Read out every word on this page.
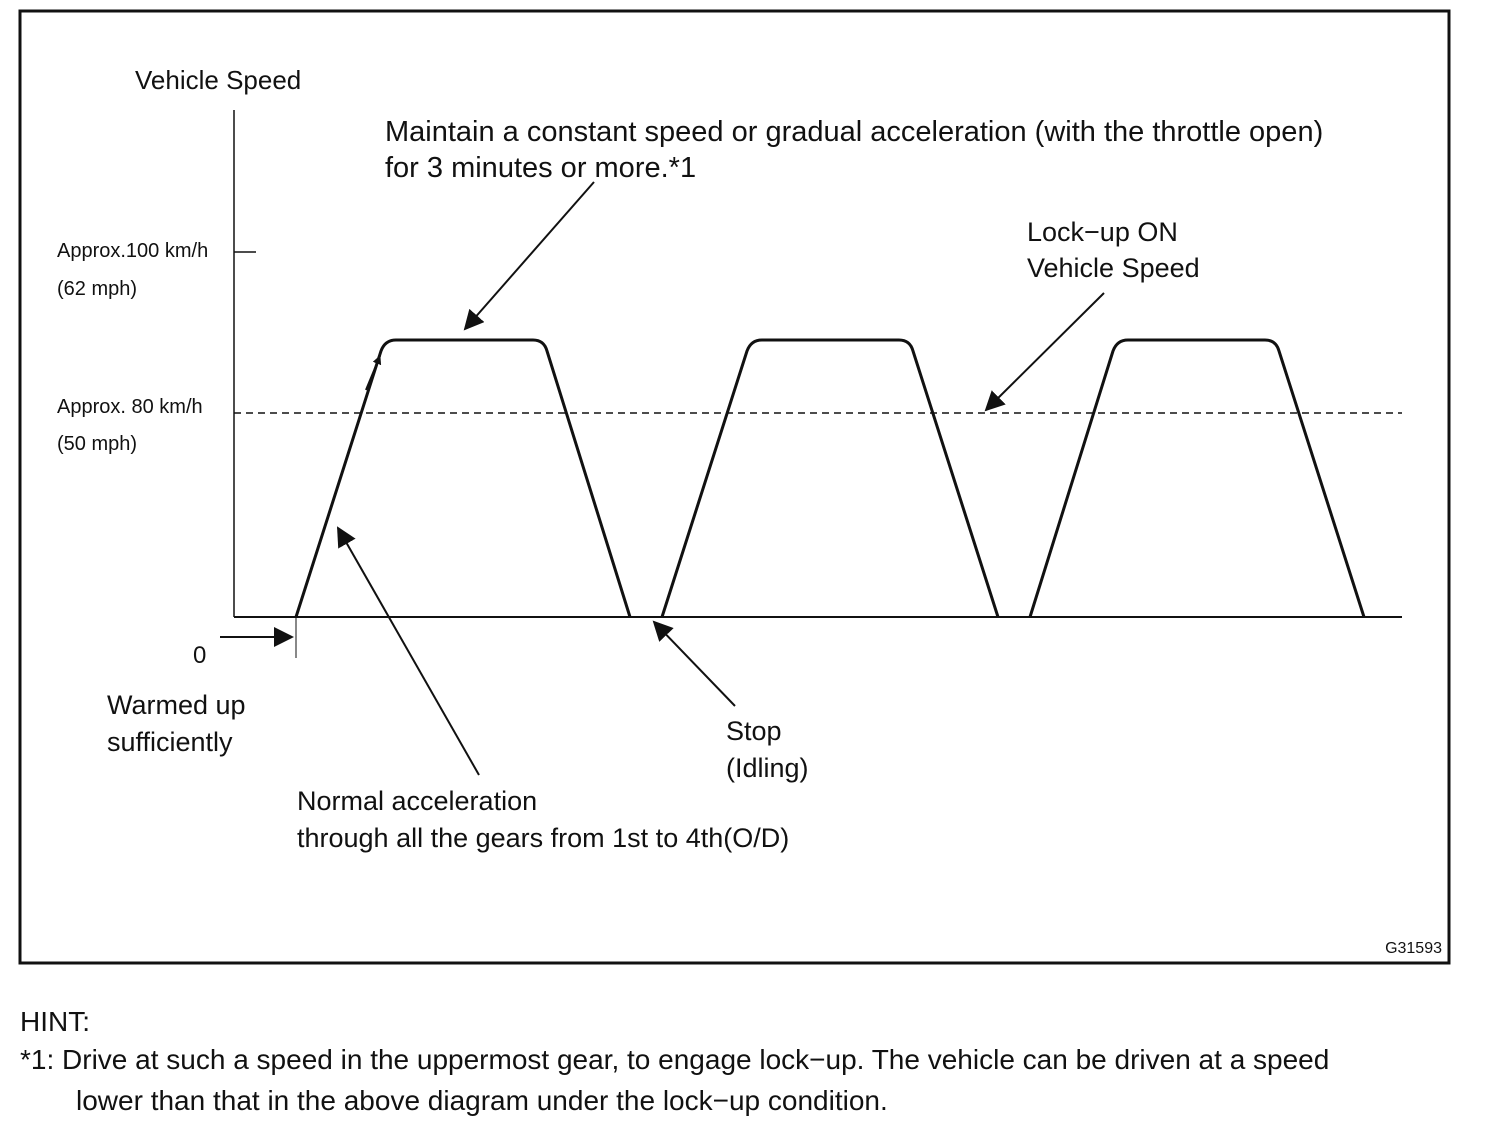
Vehicle Speed
Approx.100 km/h
(62 mph)
Approx. 80 km/h
(50 mph)
0
Maintain a constant speed or gradual acceleration (with the throttle open)
for 3 minutes or more.*1
Lock−up ON
Vehicle Speed
Warmed up
sufficiently	Stop
(Idling)
Normal acceleration
through all the gears from 1st to 4th(O/D)
G31593
HINT:
*1: Drive at such a speed in the uppermost gear, to engage lock−up. The vehicle can be driven at a speed
lower than that in the above diagram under the lock−up condition.
